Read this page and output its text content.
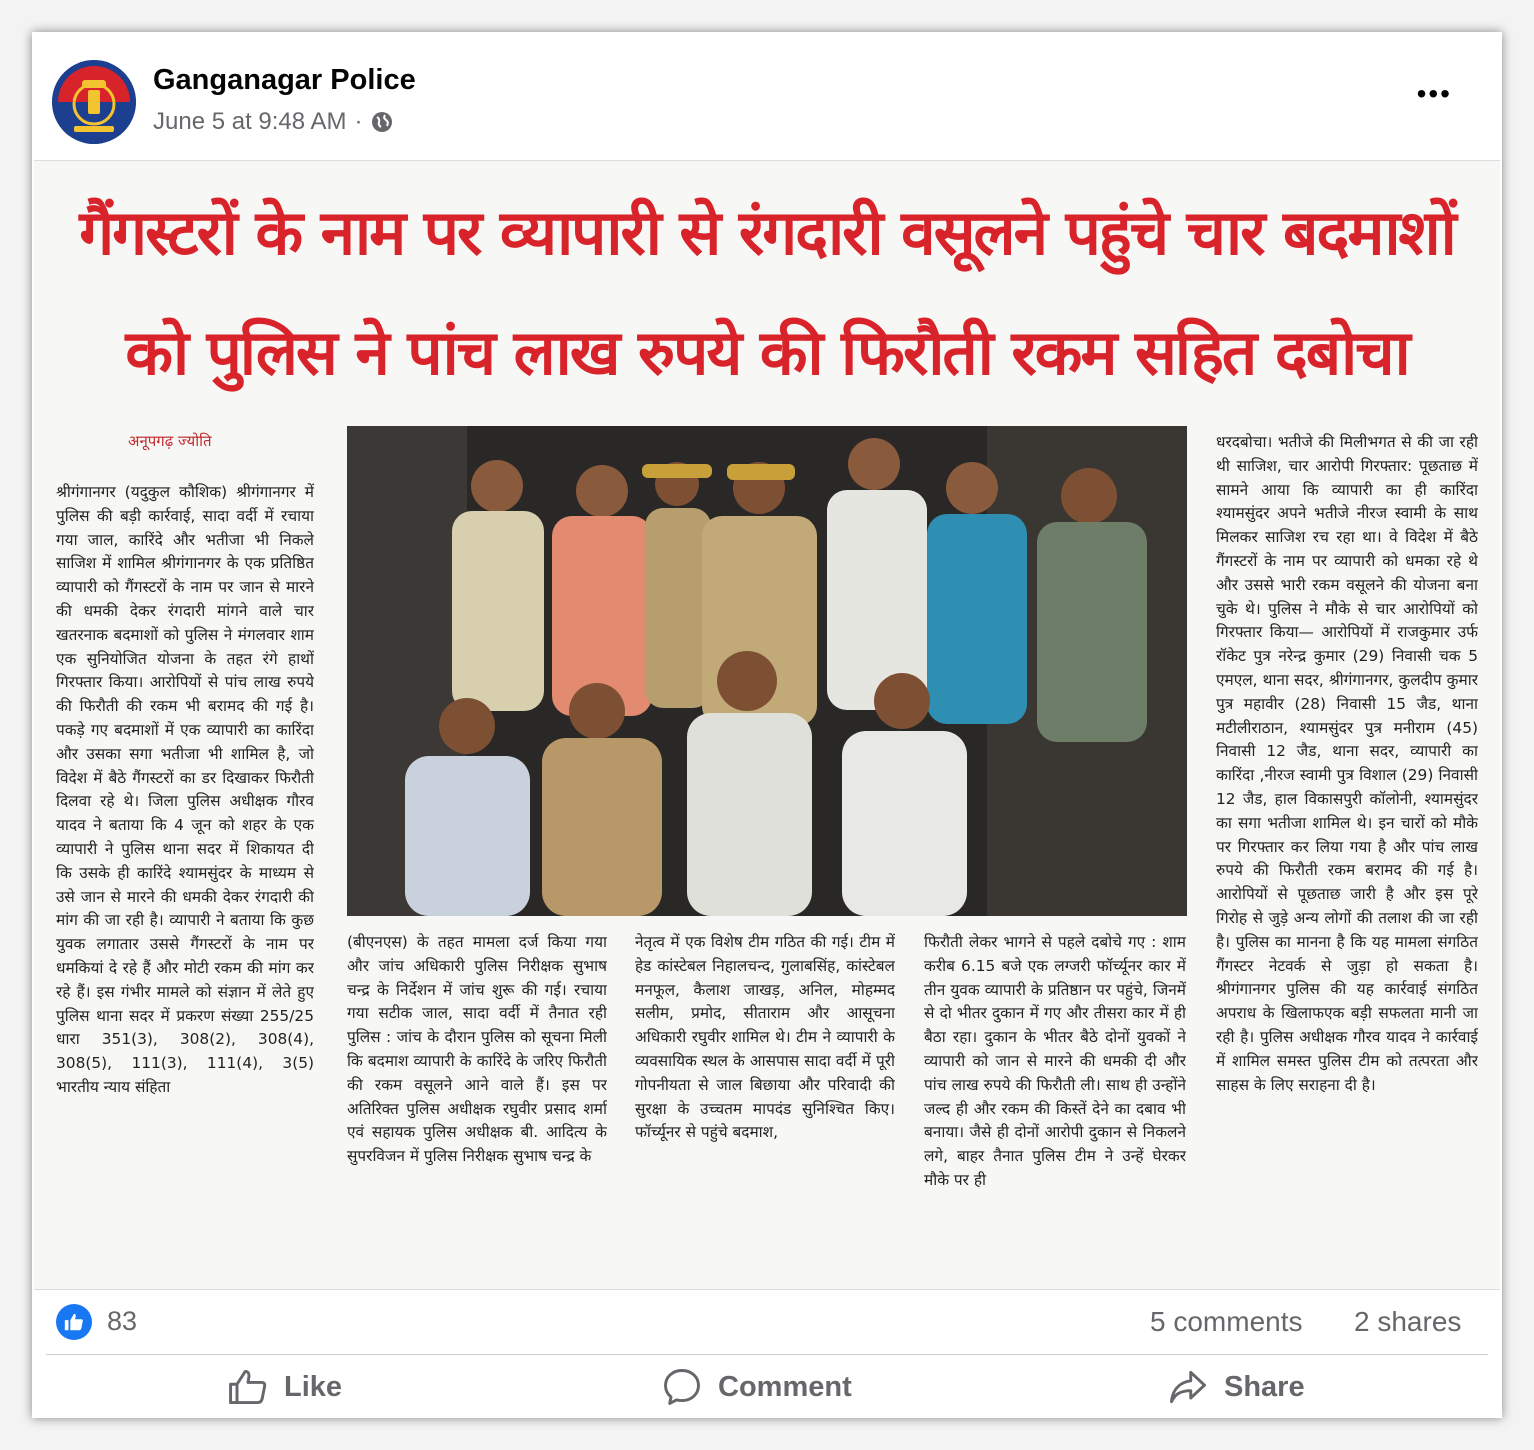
Ganganagar Police
June 5 at 9:48 AM ·
•••
गैंगस्टरों के नाम पर व्यापारी से रंगदारी वसूलने पहुंचे चार बदमाशों
को पुलिस ने पांच लाख रुपये की फिरौती रकम सहित दबोचा
अनूपगढ़ ज्योति

श्रीगंगानगर (यदुकुल कौशिक) श्रीगंगानगर में पुलिस की बड़ी कार्रवाई, सादा वर्दी में रचाया गया जाल, कारिंदे और भतीजा भी निकले साजिश में शामिल श्रीगंगानगर के एक प्रतिष्ठित व्यापारी को गैंगस्टरों के नाम पर जान से मारने की धमकी देकर रंगदारी मांगने वाले चार खतरनाक बदमाशों को पुलिस ने मंगलवार शाम एक सुनियोजित योजना के तहत रंगे हाथों गिरफ्तार किया। आरोपियों से पांच लाख रुपये की फिरौती की रकम भी बरामद की गई है। पकड़े गए बदमाशों में एक व्यापारी का कारिंदा और उसका सगा भतीजा भी शामिल है, जो विदेश में बैठे गैंगस्टरों का डर दिखाकर फिरौती दिलवा रहे थे। जिला पुलिस अधीक्षक गौरव यादव ने बताया कि 4 जून को शहर के एक व्यापारी ने पुलिस थाना सदर में शिकायत दी कि उसके ही कारिंदे श्यामसुंदर के माध्यम से उसे जान से मारने की धमकी देकर रंगदारी की मांग की जा रही है। व्यापारी ने बताया कि कुछ युवक लगातार उससे गैंगस्टरों के नाम पर धमकियां दे रहे हैं और मोटी रकम की मांग कर रहे हैं। इस गंभीर मामले को संज्ञान में लेते हुए पुलिस थाना सदर में प्रकरण संख्या 255/25 धारा 351(3), 308(2), 308(4), 308(5), 111(3), 111(4), 3(5) भारतीय न्याय संहिता

(बीएनएस) के तहत मामला दर्ज किया गया और जांच अधिकारी पुलिस निरीक्षक सुभाष चन्द्र के निर्देशन में जांच शुरू की गई। रचाया गया सटीक जाल, सादा वर्दी में तैनात रही पुलिस : जांच के दौरान पुलिस को सूचना मिली कि बदमाश व्यापारी के कारिंदे के जरिए फिरौती की रकम वसूलने आने वाले हैं। इस पर अतिरिक्त पुलिस अधीक्षक रघुवीर प्रसाद शर्मा एवं सहायक पुलिस अधीक्षक बी. आदित्य के सुपरविजन में पुलिस निरीक्षक सुभाष चन्द्र के

नेतृत्व में एक विशेष टीम गठित की गई। टीम में हेड कांस्टेबल निहालचन्द, गुलाबसिंह, कांस्टेबल मनफूल, कैलाश जाखड़, अनिल, मोहम्मद सलीम, प्रमोद, सीताराम और आसूचना अधिकारी रघुवीर शामिल थे। टीम ने व्यापारी के व्यवसायिक स्थल के आसपास सादा वर्दी में पूरी गोपनीयता से जाल बिछाया और परिवादी की सुरक्षा के उच्चतम मापदंड सुनिश्चित किए। फॉर्च्यूनर से पहुंचे बदमाश,

फिरौती लेकर भागने से पहले दबोचे गए : शाम करीब 6.15 बजे एक लग्जरी फॉर्च्यूनर कार में तीन युवक व्यापारी के प्रतिष्ठान पर पहुंचे, जिनमें से दो भीतर दुकान में गए और तीसरा कार में ही बैठा रहा। दुकान के भीतर बैठे दोनों युवकों ने व्यापारी को जान से मारने की धमकी दी और पांच लाख रुपये की फिरौती ली। साथ ही उन्होंने जल्द ही और रकम की किस्तें देने का दबाव भी बनाया। जैसे ही दोनों आरोपी दुकान से निकलने लगे, बाहर तैनात पुलिस टीम ने उन्हें घेरकर मौके पर ही

धरदबोचा। भतीजे की मिलीभगत से की जा रही थी साजिश, चार आरोपी गिरफ्तार: पूछताछ में सामने आया कि व्यापारी का ही कारिंदा श्यामसुंदर अपने भतीजे नीरज स्वामी के साथ मिलकर साजिश रच रहा था। वे विदेश में बैठे गैंगस्टरों के नाम पर व्यापारी को धमका रहे थे और उससे भारी रकम वसूलने की योजना बना चुके थे। पुलिस ने मौके से चार आरोपियों को गिरफ्तार किया— आरोपियों में राजकुमार उर्फ रॉकेट पुत्र नरेन्द्र कुमार (29) निवासी चक 5 एमएल, थाना सदर, श्रीगंगानगर, कुलदीप कुमार पुत्र महावीर (28) निवासी 15 जैड, थाना मटीलीराठान, श्यामसुंदर पुत्र मनीराम (45) निवासी 12 जैड, थाना सदर, व्यापारी का कारिंदा ,नीरज स्वामी पुत्र विशाल (29) निवासी 12 जैड, हाल विकासपुरी कॉलोनी, श्यामसुंदर का सगा भतीजा शामिल थे। इन चारों को मौके पर गिरफ्तार कर लिया गया है और पांच लाख रुपये की फिरौती रकम बरामद की गई है। आरोपियों से पूछताछ जारी है और इस पूरे गिरोह से जुड़े अन्य लोगों की तलाश की जा रही है। पुलिस का मानना है कि यह मामला संगठित गैंगस्टर नेटवर्क से जुड़ा हो सकता है। श्रीगंगानगर पुलिस की यह कार्रवाई संगठित अपराध के खिलाफएक बड़ी सफलता मानी जा रही है। पुलिस अधीक्षक गौरव यादव ने कार्रवाई में शामिल समस्त पुलिस टीम को तत्परता और साहस के लिए सराहना दी है।

83	5 comments 2 shares
Like	Comment	Share
